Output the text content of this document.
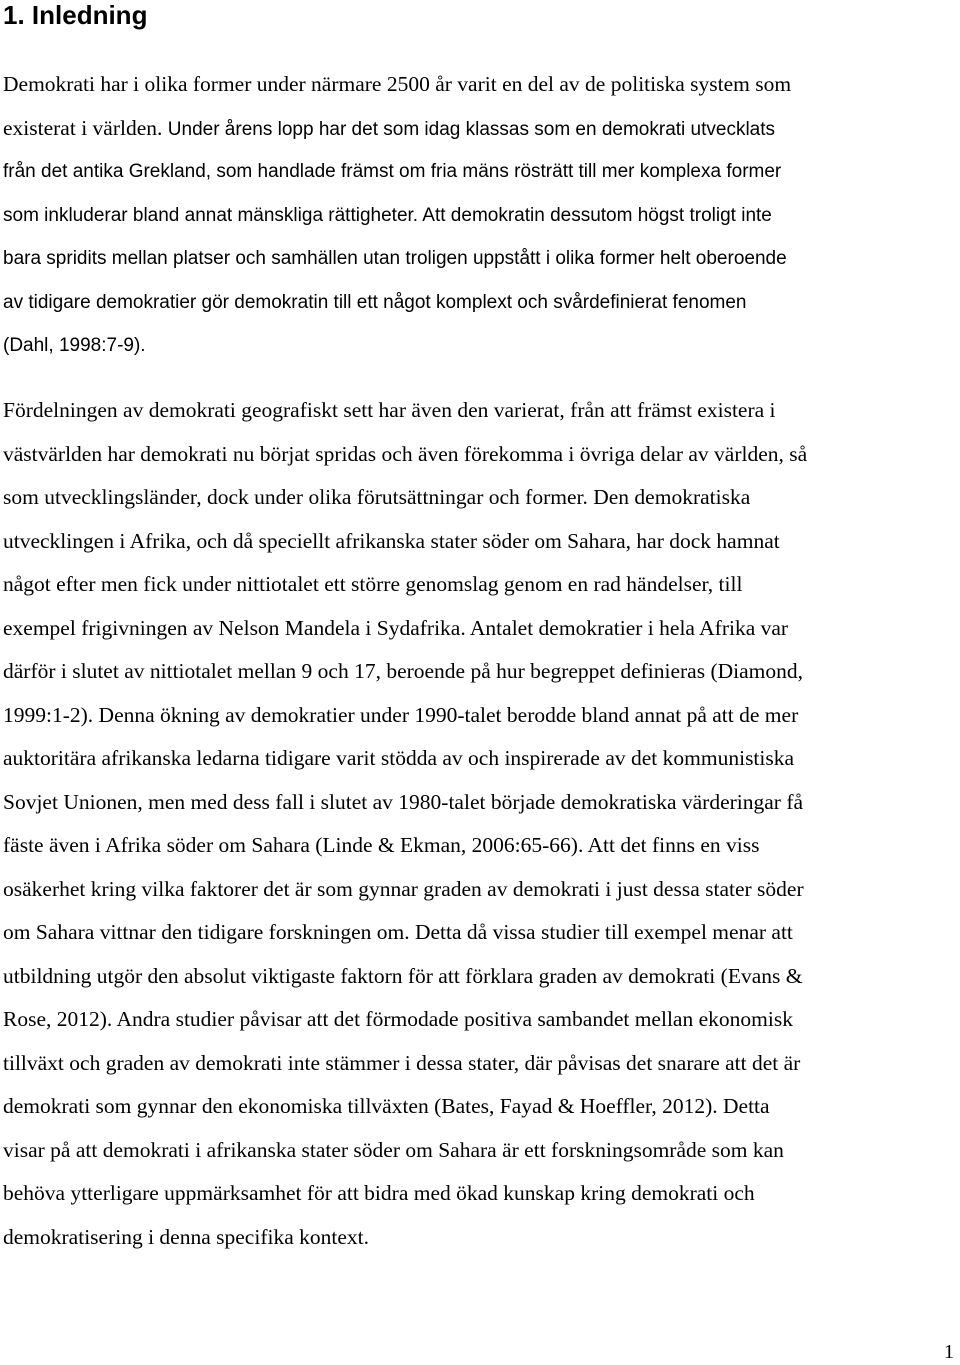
1. Inledning
Demokrati har i olika former under närmare 2500 år varit en del av de politiska system som
existerat i världen. Under årens lopp har det som idag klassas som en demokrati utvecklats
från det antika Grekland, som handlade främst om fria mäns rösträtt till mer komplexa former
som inkluderar bland annat mänskliga rättigheter. Att demokratin dessutom högst troligt inte
bara spridits mellan platser och samhällen utan troligen uppstått i olika former helt oberoende
av tidigare demokratier gör demokratin till ett något komplext och svårdefinierat fenomen
(Dahl, 1998:7-9).
Fördelningen av demokrati geografiskt sett har även den varierat, från att främst existera i
västvärlden har demokrati nu börjat spridas och även förekomma i övriga delar av världen, så
som utvecklingsländer, dock under olika förutsättningar och former. Den demokratiska
utvecklingen i Afrika, och då speciellt afrikanska stater söder om Sahara, har dock hamnat
något efter men fick under nittiotalet ett större genomslag genom en rad händelser, till
exempel frigivningen av Nelson Mandela i Sydafrika. Antalet demokratier i hela Afrika var
därför i slutet av nittiotalet mellan 9 och 17, beroende på hur begreppet definieras (Diamond,
1999:1-2). Denna ökning av demokratier under 1990-talet berodde bland annat på att de mer
auktoritära afrikanska ledarna tidigare varit stödda av och inspirerade av det kommunistiska
Sovjet Unionen, men med dess fall i slutet av 1980-talet började demokratiska värderingar få
fäste även i Afrika söder om Sahara (Linde & Ekman, 2006:65-66). Att det finns en viss
osäkerhet kring vilka faktorer det är som gynnar graden av demokrati i just dessa stater söder
om Sahara vittnar den tidigare forskningen om. Detta då vissa studier till exempel menar att
utbildning utgör den absolut viktigaste faktorn för att förklara graden av demokrati (Evans &
Rose, 2012). Andra studier påvisar att det förmodade positiva sambandet mellan ekonomisk
tillväxt och graden av demokrati inte stämmer i dessa stater, där påvisas det snarare att det är
demokrati som gynnar den ekonomiska tillväxten (Bates, Fayad & Hoeffler, 2012). Detta
visar på att demokrati i afrikanska stater söder om Sahara är ett forskningsområde som kan
behöva ytterligare uppmärksamhet för att bidra med ökad kunskap kring demokrati och
demokratisering i denna specifika kontext.
1
